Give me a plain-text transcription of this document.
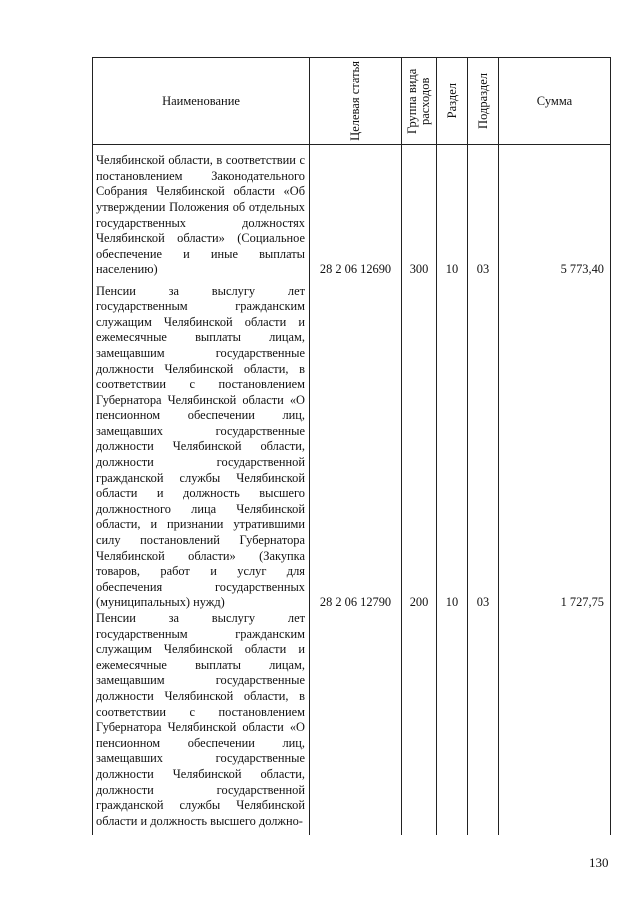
Наименование	Целевая статья	Группа вида расходов	Раздел	Подраздел	Сумма
Челябинской области, в соответствии с постановлением Законодательного Собрания Челябинской области «Об утверждении Положения об отдельных государственных должностях Челябинской области» (Социальное обеспечение и иные выплаты населению)	28 2 06 12690	300	10	03	5 773,40
Пенсии за выслугу лет государственным гражданским служащим Челябинской области и ежемесячные выплаты лицам, замещавшим государственные должности Челябинской области, в соответствии с постановлением Губернатора Челябинской области «О пенсионном обеспечении лиц, замещавших государственные должности Челябинской области, должности государственной гражданской службы Челябинской области и должность высшего должностного лица Челябинской области, и признании утратившими силу постановлений Губернатора Челябинской области» (Закупка товаров, работ и услуг для обеспечения государственных (муниципальных) нужд)	28 2 06 12790	200	10	03	1 727,75
Пенсии за выслугу лет государственным гражданским служащим Челябинской области и ежемесячные выплаты лицам, замещавшим государственные должности Челябинской области, в соответствии с постановлением Губернатора Челябинской области «О пенсионном обеспечении лиц, замещавших государственные должности Челябинской области, должности государственной гражданской службы Челябинской области и должность высшего должно-					
130
